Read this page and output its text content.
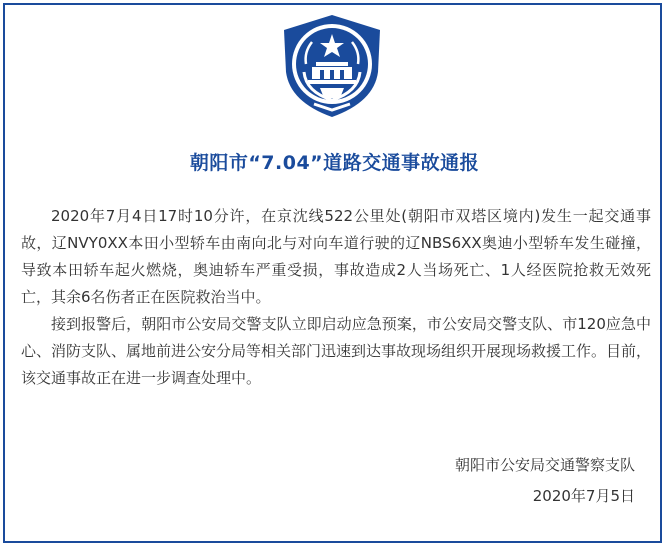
朝阳市“7.04”道路交通事故通报

2020年7月4日17时10分许，在京沈线522公里处(朝阳市双塔区境内)发生一起交通事故，辽NVY0XX本田小型轿车由南向北与对向车道行驶的辽NBS6XX奥迪小型轿车发生碰撞，导致本田轿车起火燃烧，奥迪轿车严重受损，事故造成2人当场死亡、1人经医院抢救无效死亡，其余6名伤者正在医院救治当中。

接到报警后，朝阳市公安局交警支队立即启动应急预案，市公安局交警支队、市120应急中心、消防支队、属地前进公安分局等相关部门迅速到达事故现场组织开展现场救援工作。目前，该交通事故正在进一步调查处理中。

朝阳市公安局交通警察支队
2020年7月5日
